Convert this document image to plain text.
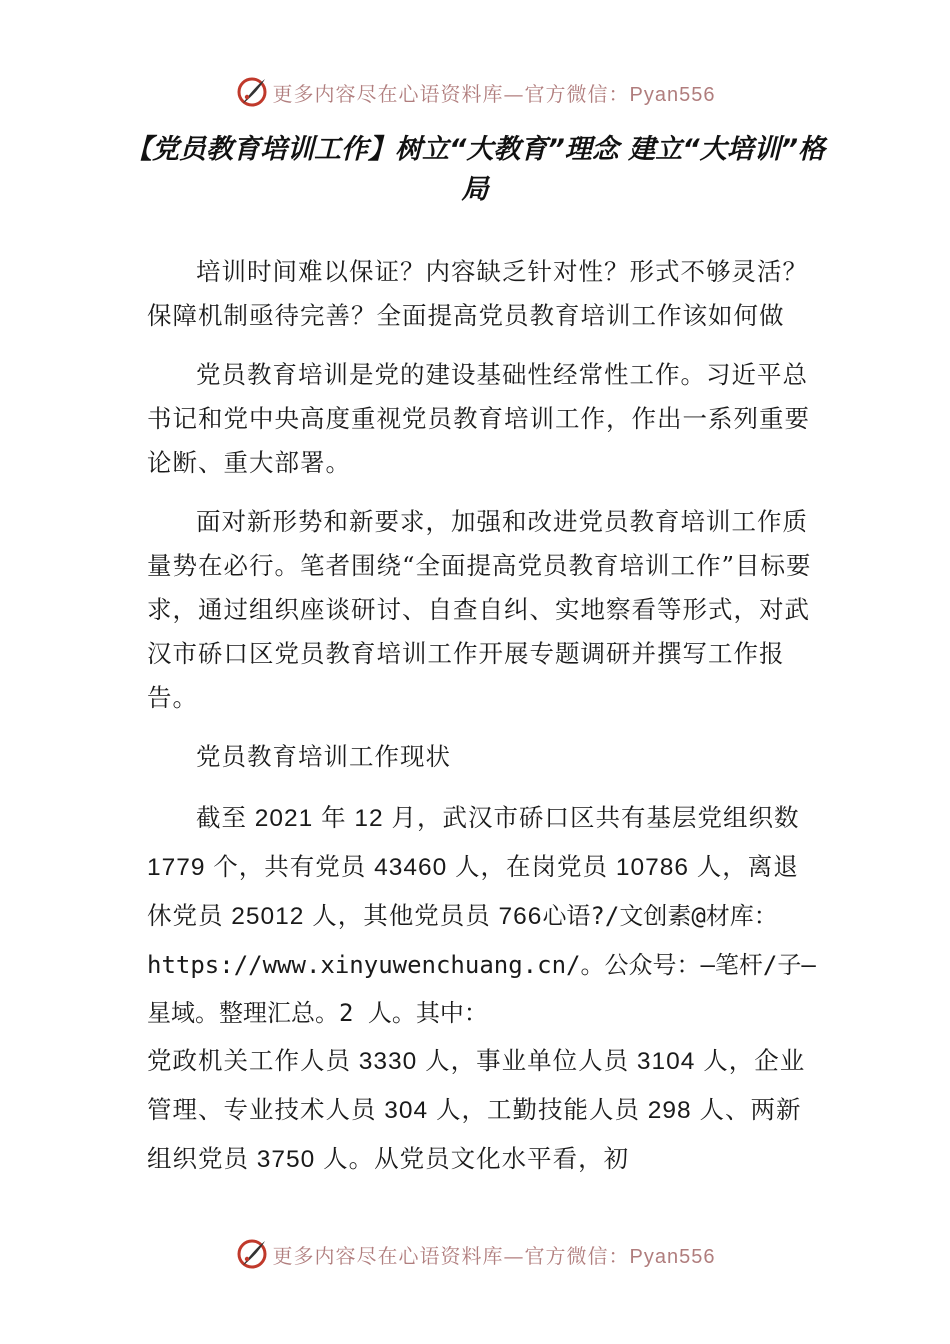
更多内容尽在心语资料库—官方微信：Pyan556
【党员教育培训工作】树立“大教育”理念 建立“大培训”格局

培训时间难以保证？内容缺乏针对性？形式不够灵活？保障机制亟待完善？全面提高党员教育培训工作该如何做

党员教育培训是党的建设基础性经常性工作。习近平总书记和党中央高度重视党员教育培训工作，作出一系列重要论断、重大部署。

面对新形势和新要求，加强和改进党员教育培训工作质量势在必行。笔者围绕“全面提高党员教育培训工作”目标要求，通过组织座谈研讨、自查自纠、实地察看等形式，对武汉市硚口区党员教育培训工作开展专题调研并撰写工作报告。

党员教育培训工作现状

截至 2021 年 12 月，武汉市硚口区共有基层党组织数 1779 个，共有党员 43460 人，在岗党员 10786 人，离退休党员 25012 人，其他党员员 766心语?/文创素@材库：https://www.xinyuwenchuang.cn/。公众号：—笔杆/子—星域。整理汇总。2 人。其中：
党政机关工作人员 3330 人，事业单位人员 3104 人，企业管理、专业技术人员 304 人，工勤技能人员 298 人、两新组织党员 3750 人。从党员文化水平看，初

更多内容尽在心语资料库—官方微信：Pyan556
